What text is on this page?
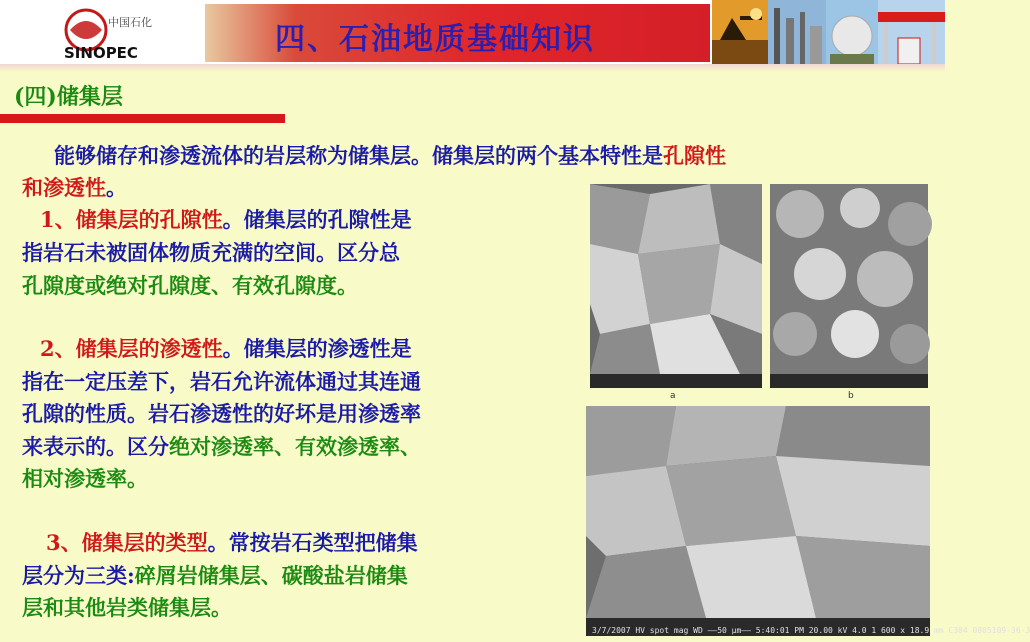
中国石化
SINOPEC	四、石油地质基础知识
(四)储集层
能够储存和渗透流体的岩层称为储集层。储集层的两个基本特性是孔隙性
和渗透性。
1、储集层的孔隙性。储集层的孔隙性是
指岩石未被固体物质充满的空间。区分总
孔隙度或绝对孔隙度、有效孔隙度。
2、储集层的渗透性。储集层的渗透性是
指在一定压差下，岩石允许流体通过其连通
孔隙的性质。岩石渗透性的好坏是用渗透率
来表示的。区分绝对渗透率、有效渗透率、
相对渗透率。
3、储集层的类型。常按岩石类型把储集
层分为三类:碎屑岩储集层、碳酸盐岩储集
层和其他岩类储集层。
a	b
3/7/2007 HV spot mag WD ——50 µm—— 5:40:01 PM 20.00 kV 4.0 1 600 x 18.9 mm C304 0805109-36-3
